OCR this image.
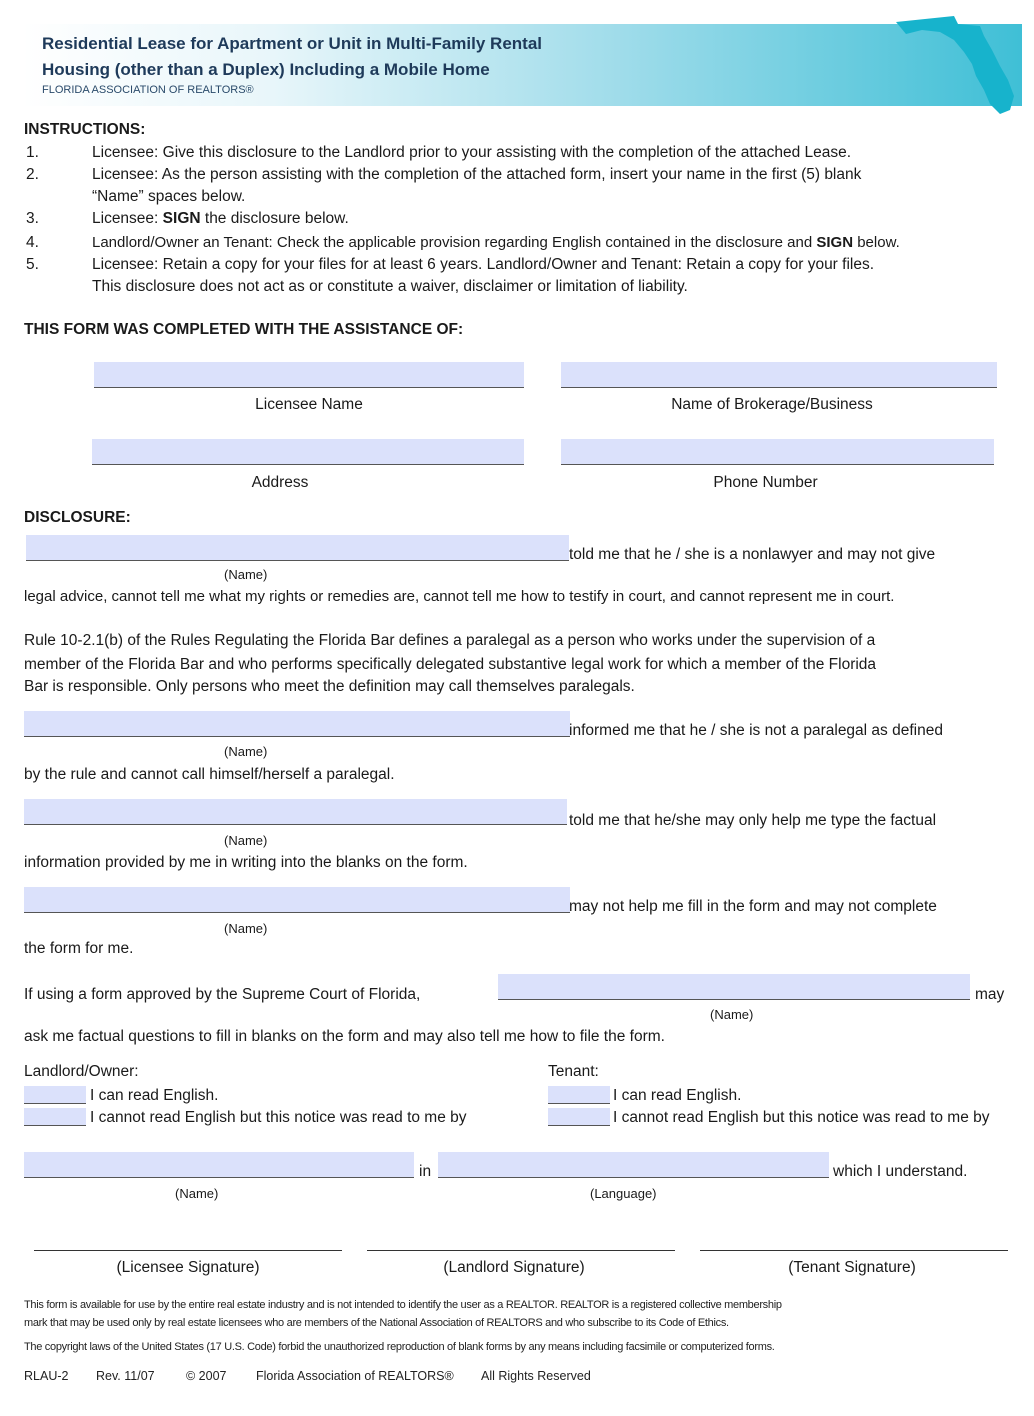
Residential Lease for Apartment or Unit in Multi-Family Rental
Housing (other than a Duplex) Including a Mobile Home
FLORIDA ASSOCIATION OF REALTORS®
INSTRUCTIONS:
1.	Licensee: Give this disclosure to the Landlord prior to your assisting with the completion of the attached Lease.
2.	Licensee: As the person assisting with the completion of the attached form, insert your name in the first (5) blank
“Name” spaces below.
3.	Licensee: SIGN the disclosure below.
4.	Landlord/Owner an Tenant: Check the applicable provision regarding English contained in the disclosure and SIGN below.
5.	Licensee: Retain a copy for your files for at least 6 years. Landlord/Owner and Tenant: Retain a copy for your files.
This disclosure does not act as or constitute a waiver, disclaimer or limitation of liability.
THIS FORM WAS COMPLETED WITH THE ASSISTANCE OF:
Licensee Name	Name of Brokerage/Business
Address	Phone Number
DISCLOSURE:
told me that he / she is a nonlawyer and may not give
(Name)
legal advice, cannot tell me what my rights or remedies are, cannot tell me how to testify in court, and cannot represent me in court.
Rule 10-2.1(b) of the Rules Regulating the Florida Bar defines a paralegal as a person who works under the supervision of a
member of the Florida Bar and who performs specifically delegated substantive legal work for which a member of the Florida
Bar is responsible. Only persons who meet the definition may call themselves paralegals.
informed me that he / she is not a paralegal as defined
(Name)
by the rule and cannot call himself/herself a paralegal.
told me that he/she may only help me type the factual
(Name)
information provided by me in writing into the blanks on the form.
may not help me fill in the form and may not complete
(Name)
the form for me.
If using a form approved by the Supreme Court of Florida,	may
(Name)
ask me factual questions to fill in blanks on the form and may also tell me how to file the form.
Landlord/Owner:
I can read English.
I cannot read English but this notice was read to me by
Tenant:
I can read English.
I cannot read English but this notice was read to me by
in	which I understand.
(Name)	(Language)
(Licensee Signature)	(Landlord Signature)	(Tenant Signature)
This form is available for use by the entire real estate industry and is not intended to identify the user as a REALTOR. REALTOR is a registered collective membership
mark that may be used only by real estate licensees who are members of the National Association of REALTORS and who subscribe to its Code of Ethics.
The copyright laws of the United States (17 U.S. Code) forbid the unauthorized reproduction of blank forms by any means including facsimile or computerized forms.
RLAU-2 Rev. 11/07	© 2007 Florida Association of REALTORS® All Rights Reserved
